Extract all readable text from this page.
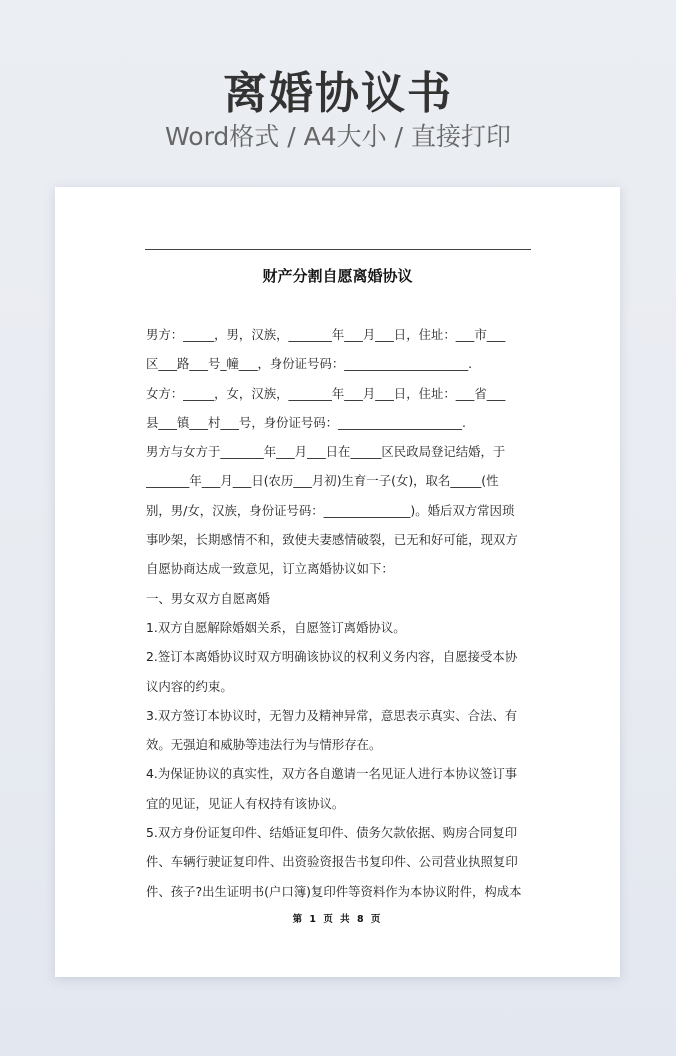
离婚协议书

Word格式 / A4大小 / 直接打印

财产分割自愿离婚协议
男方：_____，男，汉族，_______年___月___日，住址：___市___
区___路___号_幢___，身份证号码：____________________.
女方：_____，女，汉族，_______年___月___日，住址：___省___
县___镇___村___号，身份证号码：____________________.
男方与女方于_______年___月___日在_____区民政局登记结婚，于
_______年___月___日(农历___月初)生育一子(女)，取名_____(性
别，男/女，汉族，身份证号码：______________)。婚后双方常因琐
事吵架，长期感情不和，致使夫妻感情破裂，已无和好可能，现双方
自愿协商达成一致意见，订立离婚协议如下：
一、男女双方自愿离婚
1.双方自愿解除婚姻关系，自愿签订离婚协议。
2.签订本离婚协议时双方明确该协议的权利义务内容，自愿接受本协
议内容的约束。
3.双方签订本协议时，无智力及精神异常，意思表示真实、合法、有
效。无强迫和威胁等违法行为与情形存在。
4.为保证协议的真实性，双方各自邀请一名见证人进行本协议签订事
宜的见证，见证人有权持有该协议。
5.双方身份证复印件、结婚证复印件、债务欠款依据、购房合同复印
件、车辆行驶证复印件、出资验资报告书复印件、公司营业执照复印
件、孩子?出生证明书(户口簿)复印件等资料作为本协议附件，构成本
第 1 页 共 8 页
